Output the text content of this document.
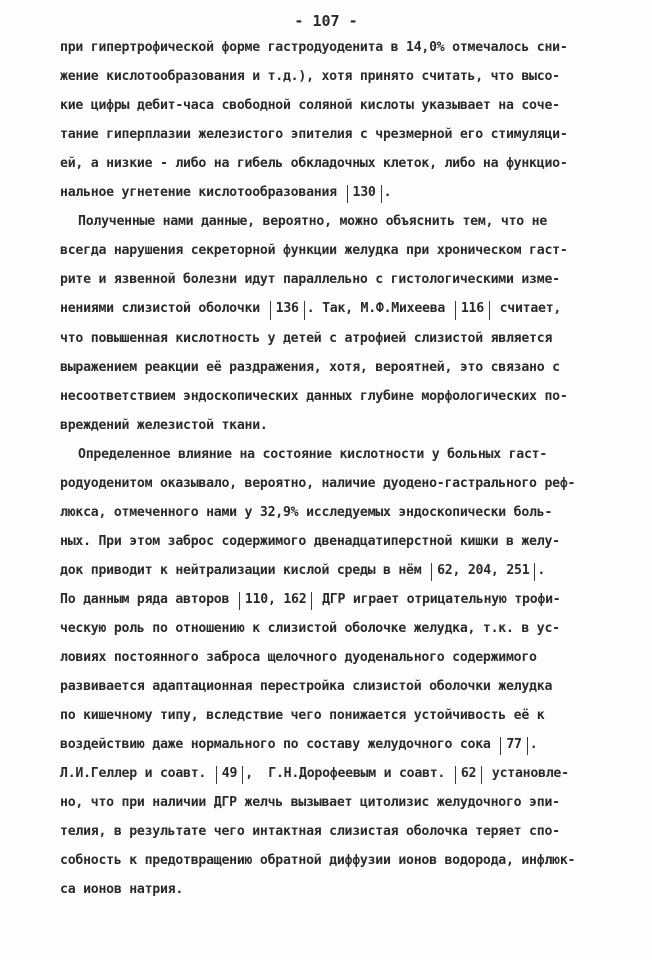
- 107 -
при гипертрофической форме гастродуоденита в 14,0% отмечалось сни-
жение кислотообразования и т.д.), хотя принято считать, что высо-
кие цифры дебит-часа свободной соляной кислоты указывает на соче-
тание гиперплазии железистого эпителия с чрезмерной его стимуляци-
ей, а низкие - либо на гибель обкладочных клеток, либо на функцио-
нальное угнетение кислотообразования 130 .
Полученные нами данные, вероятно, можно объяснить тем, что не
всегда нарушения секреторной функции желудка при хроническом гаст-
рите и язвенной болезни идут параллельно с гистологическими изме-
нениями слизистой оболочки 136 . Так, М.Ф.Михеева 116 считает,
что повышенная кислотность у детей с атрофией слизистой является
выражением реакции её раздражения, хотя, вероятней, это связано с
несоответствием эндоскопических данных глубине морфологических по-
вреждений железистой ткани.
Определенное влияние на состояние кислотности у больных гаст-
родуоденитом оказывало, вероятно, наличие дуодено-гастрального реф-
люкса, отмеченного нами у 32,9% исследуемых эндоскопически боль-
ных. При этом заброс содержимого двенадцатиперстной кишки в желу-
док приводит к нейтрализации кислой среды в нём 62, 204, 251 .
По данным ряда авторов 110, 162 ДГР играет отрицательную трофи-
ческую роль по отношению к слизистой оболочке желудка, т.к. в ус-
ловиях постоянного заброса щелочного дуоденального содержимого
развивается адаптационная перестройка слизистой оболочки желудка
по кишечному типу, вследствие чего понижается устойчивость её к
воздействию даже нормального по составу желудочного сока 77 .
Л.И.Геллер и соавт. 49 ,  Г.Н.Дорофеевым и соавт. 62 установле-
но, что при наличии ДГР желчь вызывает цитолизис желудочного эпи-
телия, в результате чего интактная слизистая оболочка теряет спо-
собность к предотвращению обратной диффузии ионов водорода, инфлюк-
са ионов натрия.
